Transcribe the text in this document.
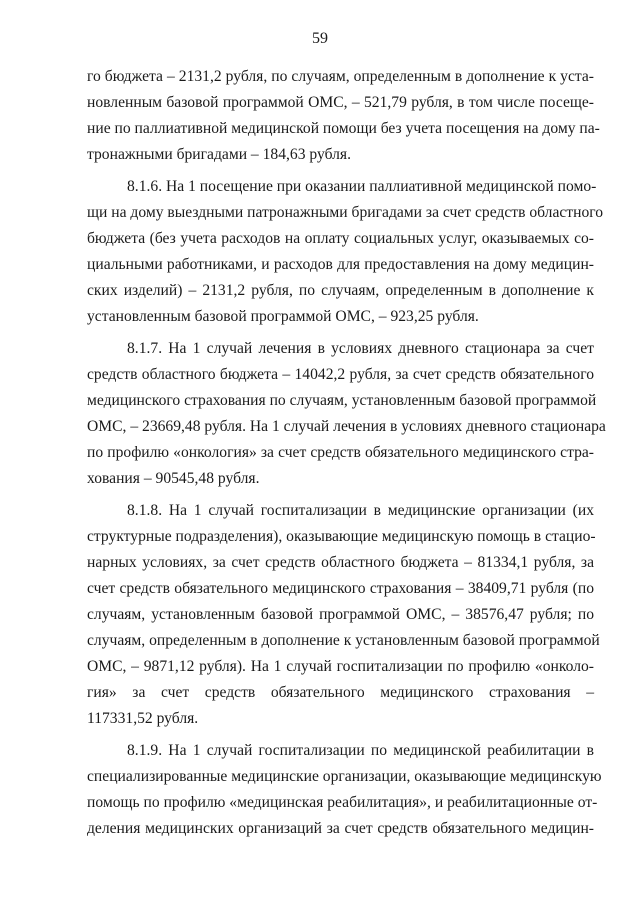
59
го бюджета – 2131,2 рубля, по случаям, определенным в дополнение к уста-
новленным базовой программой ОМС, – 521,79 рубля, в том числе посеще-
ние по паллиативной медицинской помощи без учета посещения на дому па-
тронажными бригадами – 184,63 рубля.
8.1.6. На 1 посещение при оказании паллиативной медицинской помо-
щи на дому выездными патронажными бригадами за счет средств областного
бюджета (без учета расходов на оплату социальных услуг, оказываемых со-
циальными работниками, и расходов для предоставления на дому медицин-
ских изделий) – 2131,2 рубля, по случаям, определенным в дополнение к
установленным базовой программой ОМС, – 923,25 рубля.
8.1.7. На 1 случай лечения в условиях дневного стационара за счет
средств областного бюджета – 14042,2 рубля, за счет средств обязательного
медицинского страхования по случаям, установленным базовой программой
ОМС, – 23669,48 рубля. На 1 случай лечения в условиях дневного стационара
по профилю «онкология» за счет средств обязательного медицинского стра-
хования – 90545,48 рубля.
8.1.8. На 1 случай госпитализации в медицинские организации (их
структурные подразделения), оказывающие медицинскую помощь в стацио-
нарных условиях, за счет средств областного бюджета – 81334,1 рубля, за
счет средств обязательного медицинского страхования – 38409,71 рубля (по
случаям, установленным базовой программой ОМС, – 38576,47 рубля; по
случаям, определенным в дополнение к установленным базовой программой
ОМС, – 9871,12 рубля). На 1 случай госпитализации по профилю «онколо-
гия» за счет средств обязательного медицинского страхования –
117331,52 рубля.
8.1.9. На 1 случай госпитализации по медицинской реабилитации в
специализированные медицинские организации, оказывающие медицинскую
помощь по профилю «медицинская реабилитация», и реабилитационные от-
деления медицинских организаций за счет средств обязательного медицин-
